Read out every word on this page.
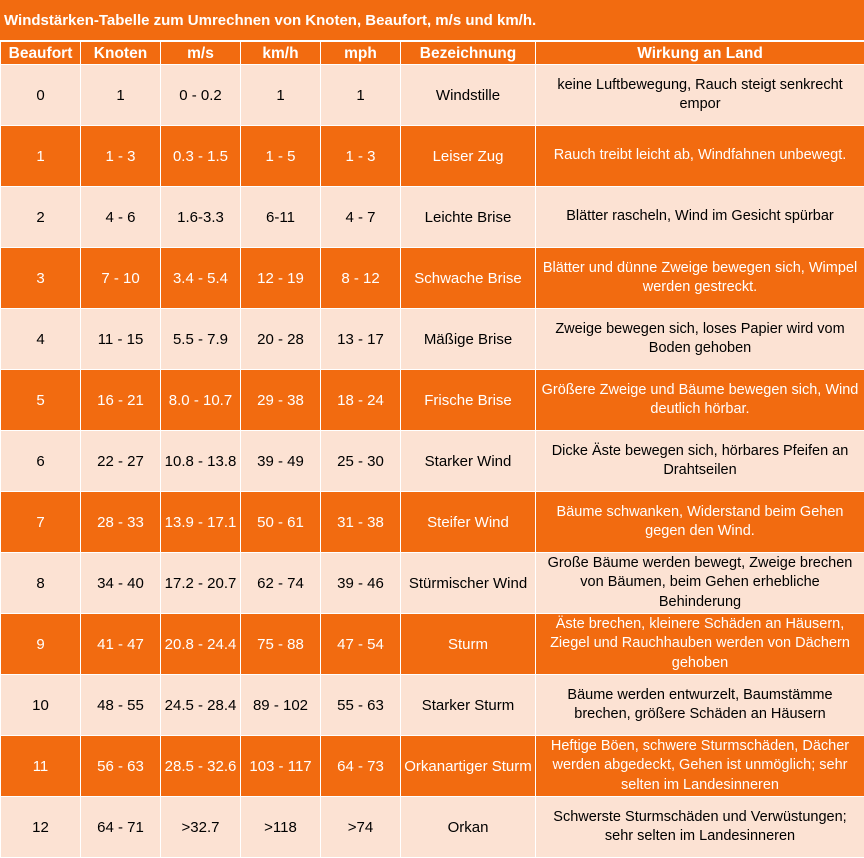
Windstärken-Tabelle zum Umrechnen von Knoten, Beaufort, m/s und km/h.
Beaufort	Knoten	m/s	km/h	mph	Bezeichnung	Wirkung an Land
0	1	0 - 0.2	1	1	Windstille	keine Luftbewegung, Rauch steigt senkrecht empor
1	1 - 3	0.3 - 1.5	1 - 5	1 - 3	Leiser Zug	Rauch treibt leicht ab, Windfahnen unbewegt.
2	4 - 6	1.6-3.3	6-11	4 - 7	Leichte Brise	Blätter rascheln, Wind im Gesicht spürbar
3	7 - 10	3.4 - 5.4	12 - 19	8 - 12	Schwache Brise	Blätter und dünne Zweige bewegen sich, Wimpel werden gestreckt.
4	11 - 15	5.5 - 7.9	20 - 28	13 - 17	Mäßige Brise	Zweige bewegen sich, loses Papier wird vom Boden gehoben
5	16 - 21	8.0 - 10.7	29 - 38	18 - 24	Frische Brise	Größere Zweige und Bäume bewegen sich, Wind deutlich hörbar.
6	22 - 27	10.8 - 13.8	39 - 49	25 - 30	Starker Wind	Dicke Äste bewegen sich, hörbares Pfeifen an Drahtseilen
7	28 - 33	13.9 - 17.1	50 - 61	31 - 38	Steifer Wind	Bäume schwanken, Widerstand beim Gehen gegen den Wind.
8	34 - 40	17.2 - 20.7	62 - 74	39 - 46	Stürmischer Wind	Große Bäume werden bewegt, Zweige brechen von Bäumen, beim Gehen erhebliche Behinderung
9	41 - 47	20.8 - 24.4	75 - 88	47 - 54	Sturm	Äste brechen, kleinere Schäden an Häusern, Ziegel und Rauchhauben werden von Dächern gehoben
10	48 - 55	24.5 - 28.4	89 - 102	55 - 63	Starker Sturm	Bäume werden entwurzelt, Baumstämme brechen, größere Schäden an Häusern
11	56 - 63	28.5 - 32.6	103 - 117	64 - 73	Orkanartiger Sturm	Heftige Böen, schwere Sturmschäden, Dächer werden abgedeckt, Gehen ist unmöglich; sehr selten im Landesinneren
12	64 - 71	>32.7	>118	>74	Orkan	Schwerste Sturmschäden und Verwüstungen; sehr selten im Landesinneren
